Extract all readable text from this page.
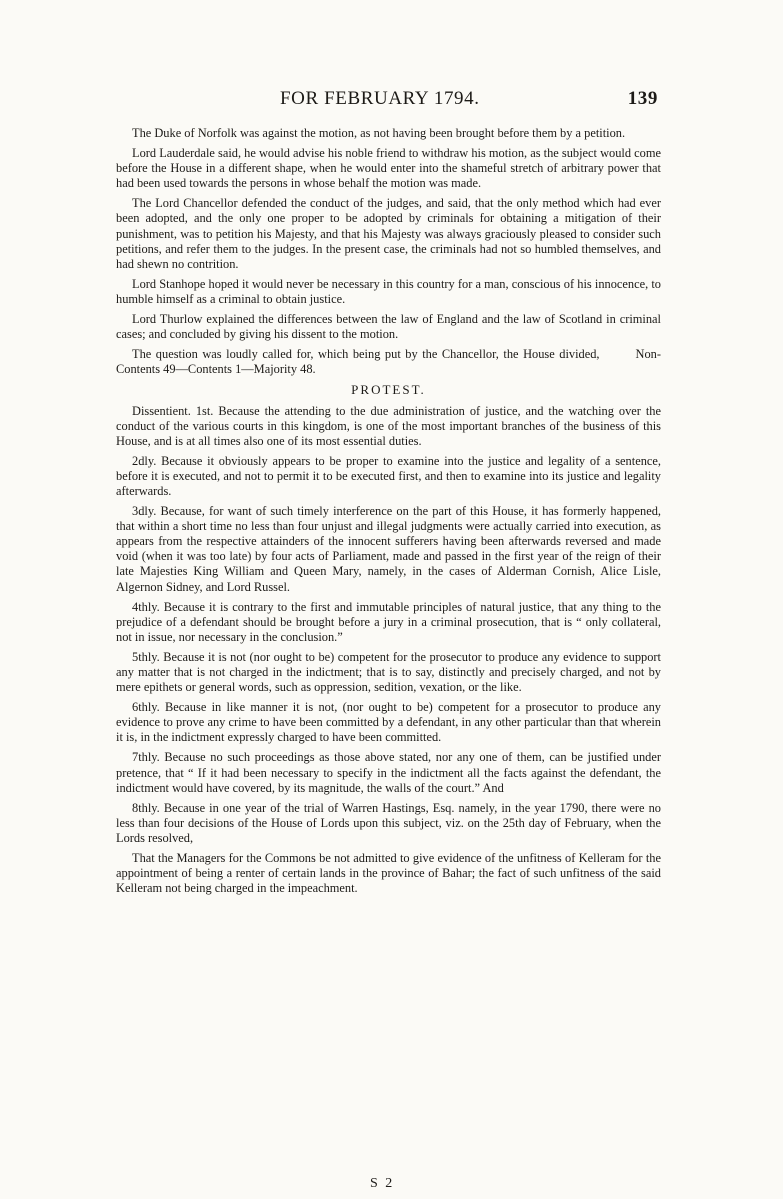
FOR FEBRUARY 1794.	139

The Duke of Norfolk was against the motion, as not having been brought before them by a petition.

Lord Lauderdale said, he would advise his noble friend to withdraw his motion, as the subject would come before the House in a different shape, when he would enter into the shameful stretch of arbitrary power that had been used towards the persons in whose behalf the motion was made.

The Lord Chancellor defended the conduct of the judges, and said, that the only method which had ever been adopted, and the only one proper to be adopted by criminals for obtaining a mitigation of their punishment, was to petition his Majesty, and that his Majesty was always graciously pleased to consider such petitions, and refer them to the judges. In the present case, the criminals had not so humbled themselves, and had shewn no contrition.

Lord Stanhope hoped it would never be necessary in this country for a man, conscious of his innocence, to humble himself as a criminal to obtain justice.

Lord Thurlow explained the differences between the law of England and the law of Scotland in criminal cases; and concluded by giving his dissent to the motion.

The question was loudly called for, which being put by the Chancellor, the House divided,	Non-Contents 49—Contents 1—Majority 48.

PROTEST.

Dissentient. 1st. Because the attending to the due administration of justice, and the watching over the conduct of the various courts in this kingdom, is one of the most important branches of the business of this House, and is at all times also one of its most essential duties.

2dly. Because it obviously appears to be proper to examine into the justice and legality of a sentence, before it is executed, and not to permit it to be executed first, and then to examine into its justice and legality afterwards.

3dly. Because, for want of such timely interference on the part of this House, it has formerly happened, that within a short time no less than four unjust and illegal judgments were actually carried into execution, as appears from the respective attainders of the innocent sufferers having been afterwards reversed and made void (when it was too late) by four acts of Parliament, made and passed in the first year of the reign of their late Majesties King William and Queen Mary, namely, in the cases of Alderman Cornish, Alice Lisle, Algernon Sidney, and Lord Russel.

4thly. Because it is contrary to the first and immutable principles of natural justice, that any thing to the prejudice of a defendant should be brought before a jury in a criminal prosecution, that is “ only collateral, not in issue, nor necessary in the conclusion.”

5thly. Because it is not (nor ought to be) competent for the prosecutor to produce any evidence to support any matter that is not charged in the indictment; that is to say, distinctly and precisely charged, and not by mere epithets or general words, such as oppression, sedition, vexation, or the like.

6thly. Because in like manner it is not, (nor ought to be) competent for a prosecutor to produce any evidence to prove any crime to have been committed by a defendant, in any other particular than that wherein it is, in the indictment expressly charged to have been committed.

7thly. Because no such proceedings as those above stated, nor any one of them, can be justified under pretence, that “ If it had been necessary to specify in the indictment all the facts against the defendant, the indictment would have covered, by its magnitude, the walls of the court.” And

8thly. Because in one year of the trial of Warren Hastings, Esq. namely, in the year 1790, there were no less than four decisions of the House of Lords upon this subject, viz. on the 25th day of February, when the Lords resolved,

That the Managers for the Commons be not admitted to give evidence of the unfitness of Kelleram for the appointment of being a renter of certain lands in the province of Bahar; the fact of such unfitness of the said Kelleram not being charged in the impeachment.

S 2
